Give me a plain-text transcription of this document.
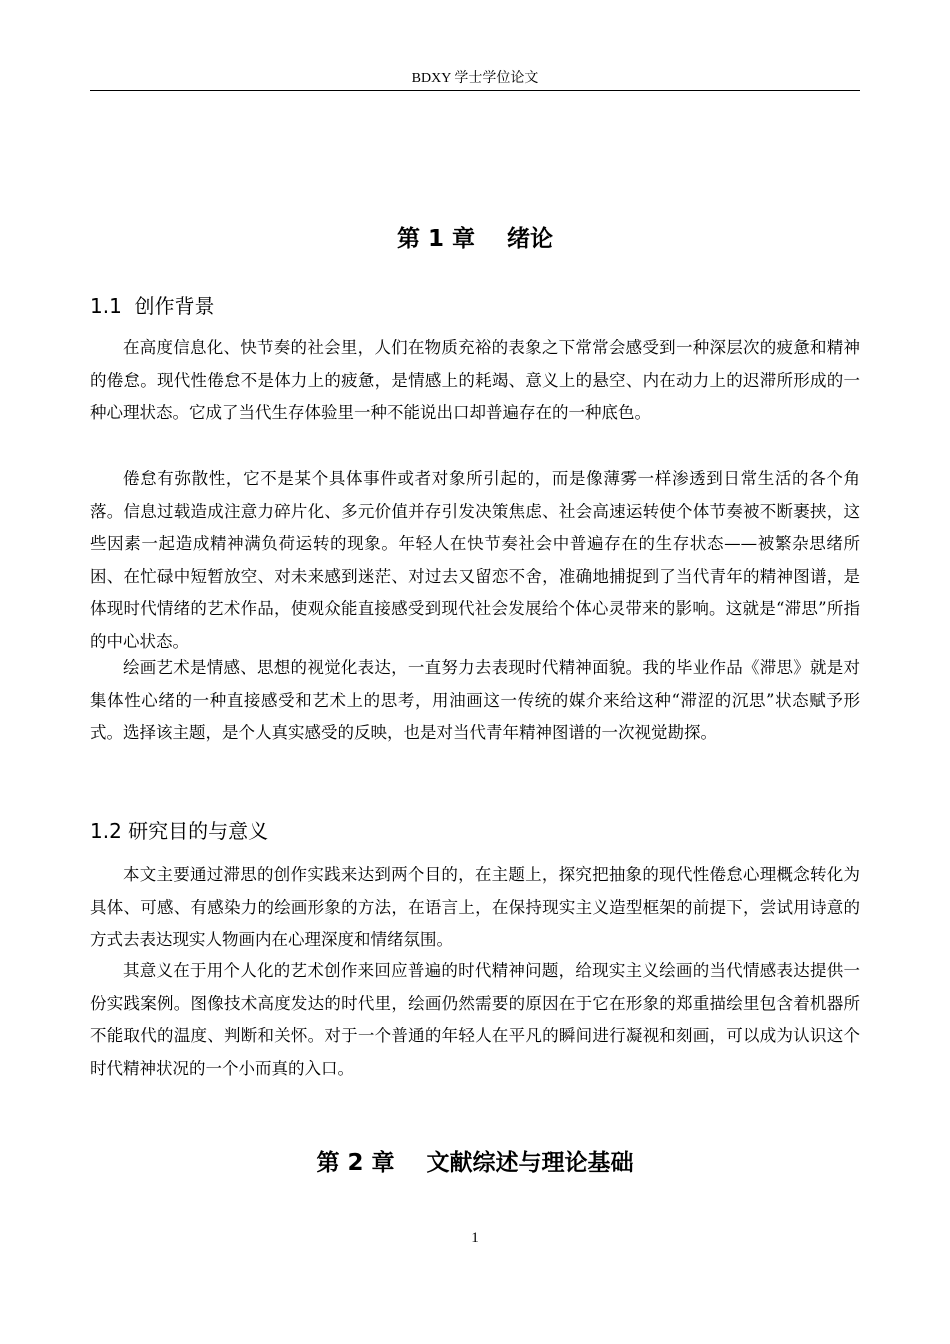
BDXY 学士学位论文
第 1 章    绪论
1.1  创作背景

在高度信息化、快节奏的社会里，人们在物质充裕的表象之下常常会感受到一种深层次的疲惫和精神的倦怠。现代性倦怠不是体力上的疲惫，是情感上的耗竭、意义上的悬空、内在动力上的迟滞所形成的一种心理状态。它成了当代生存体验里一种不能说出口却普遍存在的一种底色。

倦怠有弥散性，它不是某个具体事件或者对象所引起的，而是像薄雾一样渗透到日常生活的各个角落。信息过载造成注意力碎片化、多元价值并存引发决策焦虑、社会高速运转使个体节奏被不断裹挟，这些因素一起造成精神满负荷运转的现象。年轻人在快节奏社会中普遍存在的生存状态——被繁杂思绪所困、在忙碌中短暂放空、对未来感到迷茫、对过去又留恋不舍，准确地捕捉到了当代青年的精神图谱，是体现时代情绪的艺术作品，使观众能直接感受到现代社会发展给个体心灵带来的影响。这就是“滞思”所指的中心状态。

绘画艺术是情感、思想的视觉化表达，一直努力去表现时代精神面貌。我的毕业作品《滞思》就是对集体性心绪的一种直接感受和艺术上的思考，用油画这一传统的媒介来给这种“滞涩的沉思”状态赋予形式。选择该主题，是个人真实感受的反映，也是对当代青年精神图谱的一次视觉勘探。

1.2 研究目的与意义

本文主要通过滞思的创作实践来达到两个目的，在主题上，探究把抽象的现代性倦怠心理概念转化为具体、可感、有感染力的绘画形象的方法，在语言上，在保持现实主义造型框架的前提下，尝试用诗意的方式去表达现实人物画内在心理深度和情绪氛围。

其意义在于用个人化的艺术创作来回应普遍的时代精神问题，给现实主义绘画的当代情感表达提供一份实践案例。图像技术高度发达的时代里，绘画仍然需要的原因在于它在形象的郑重描绘里包含着机器所不能取代的温度、判断和关怀。对于一个普通的年轻人在平凡的瞬间进行凝视和刻画，可以成为认识这个时代精神状况的一个小而真的入口。

第 2 章    文献综述与理论基础
1
